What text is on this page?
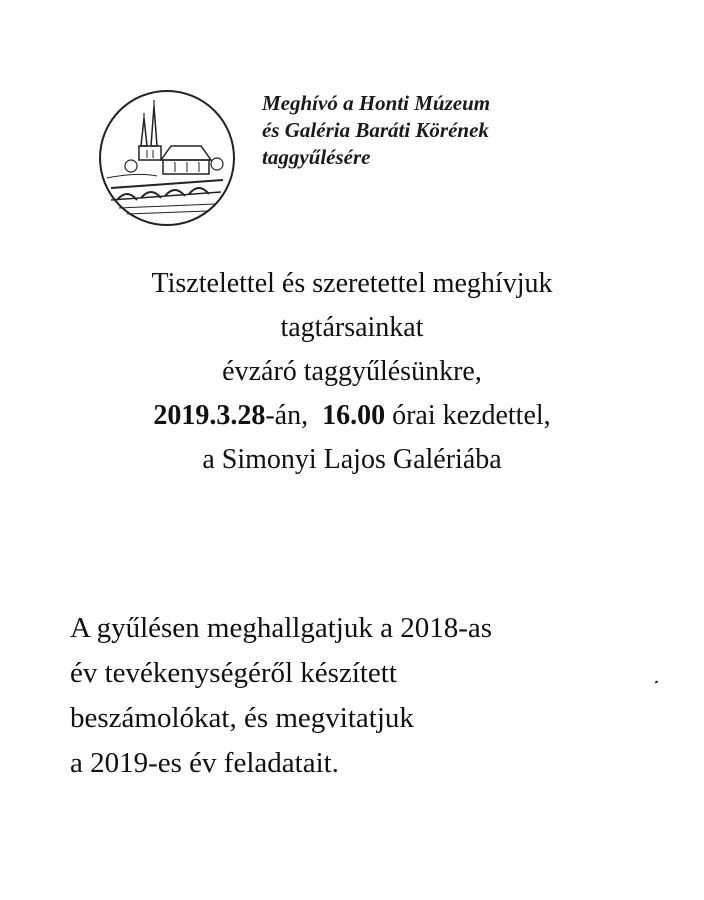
Meghívó a Honti Múzeum
és Galéria Baráti Körének
taggyűlésére
Tisztelettel és szeretettel meghívjuk
tagtársainkat
évzáró taggyűlésünkre,
2019.3.28-án, 16.00 órai kezdettel,
a Simonyi Lajos Galériába
A gyűlésen meghallgatjuk a 2018-as
év tevékenységéről készített
beszámolókat, és megvitatjuk
a 2019-es év feladatait.
